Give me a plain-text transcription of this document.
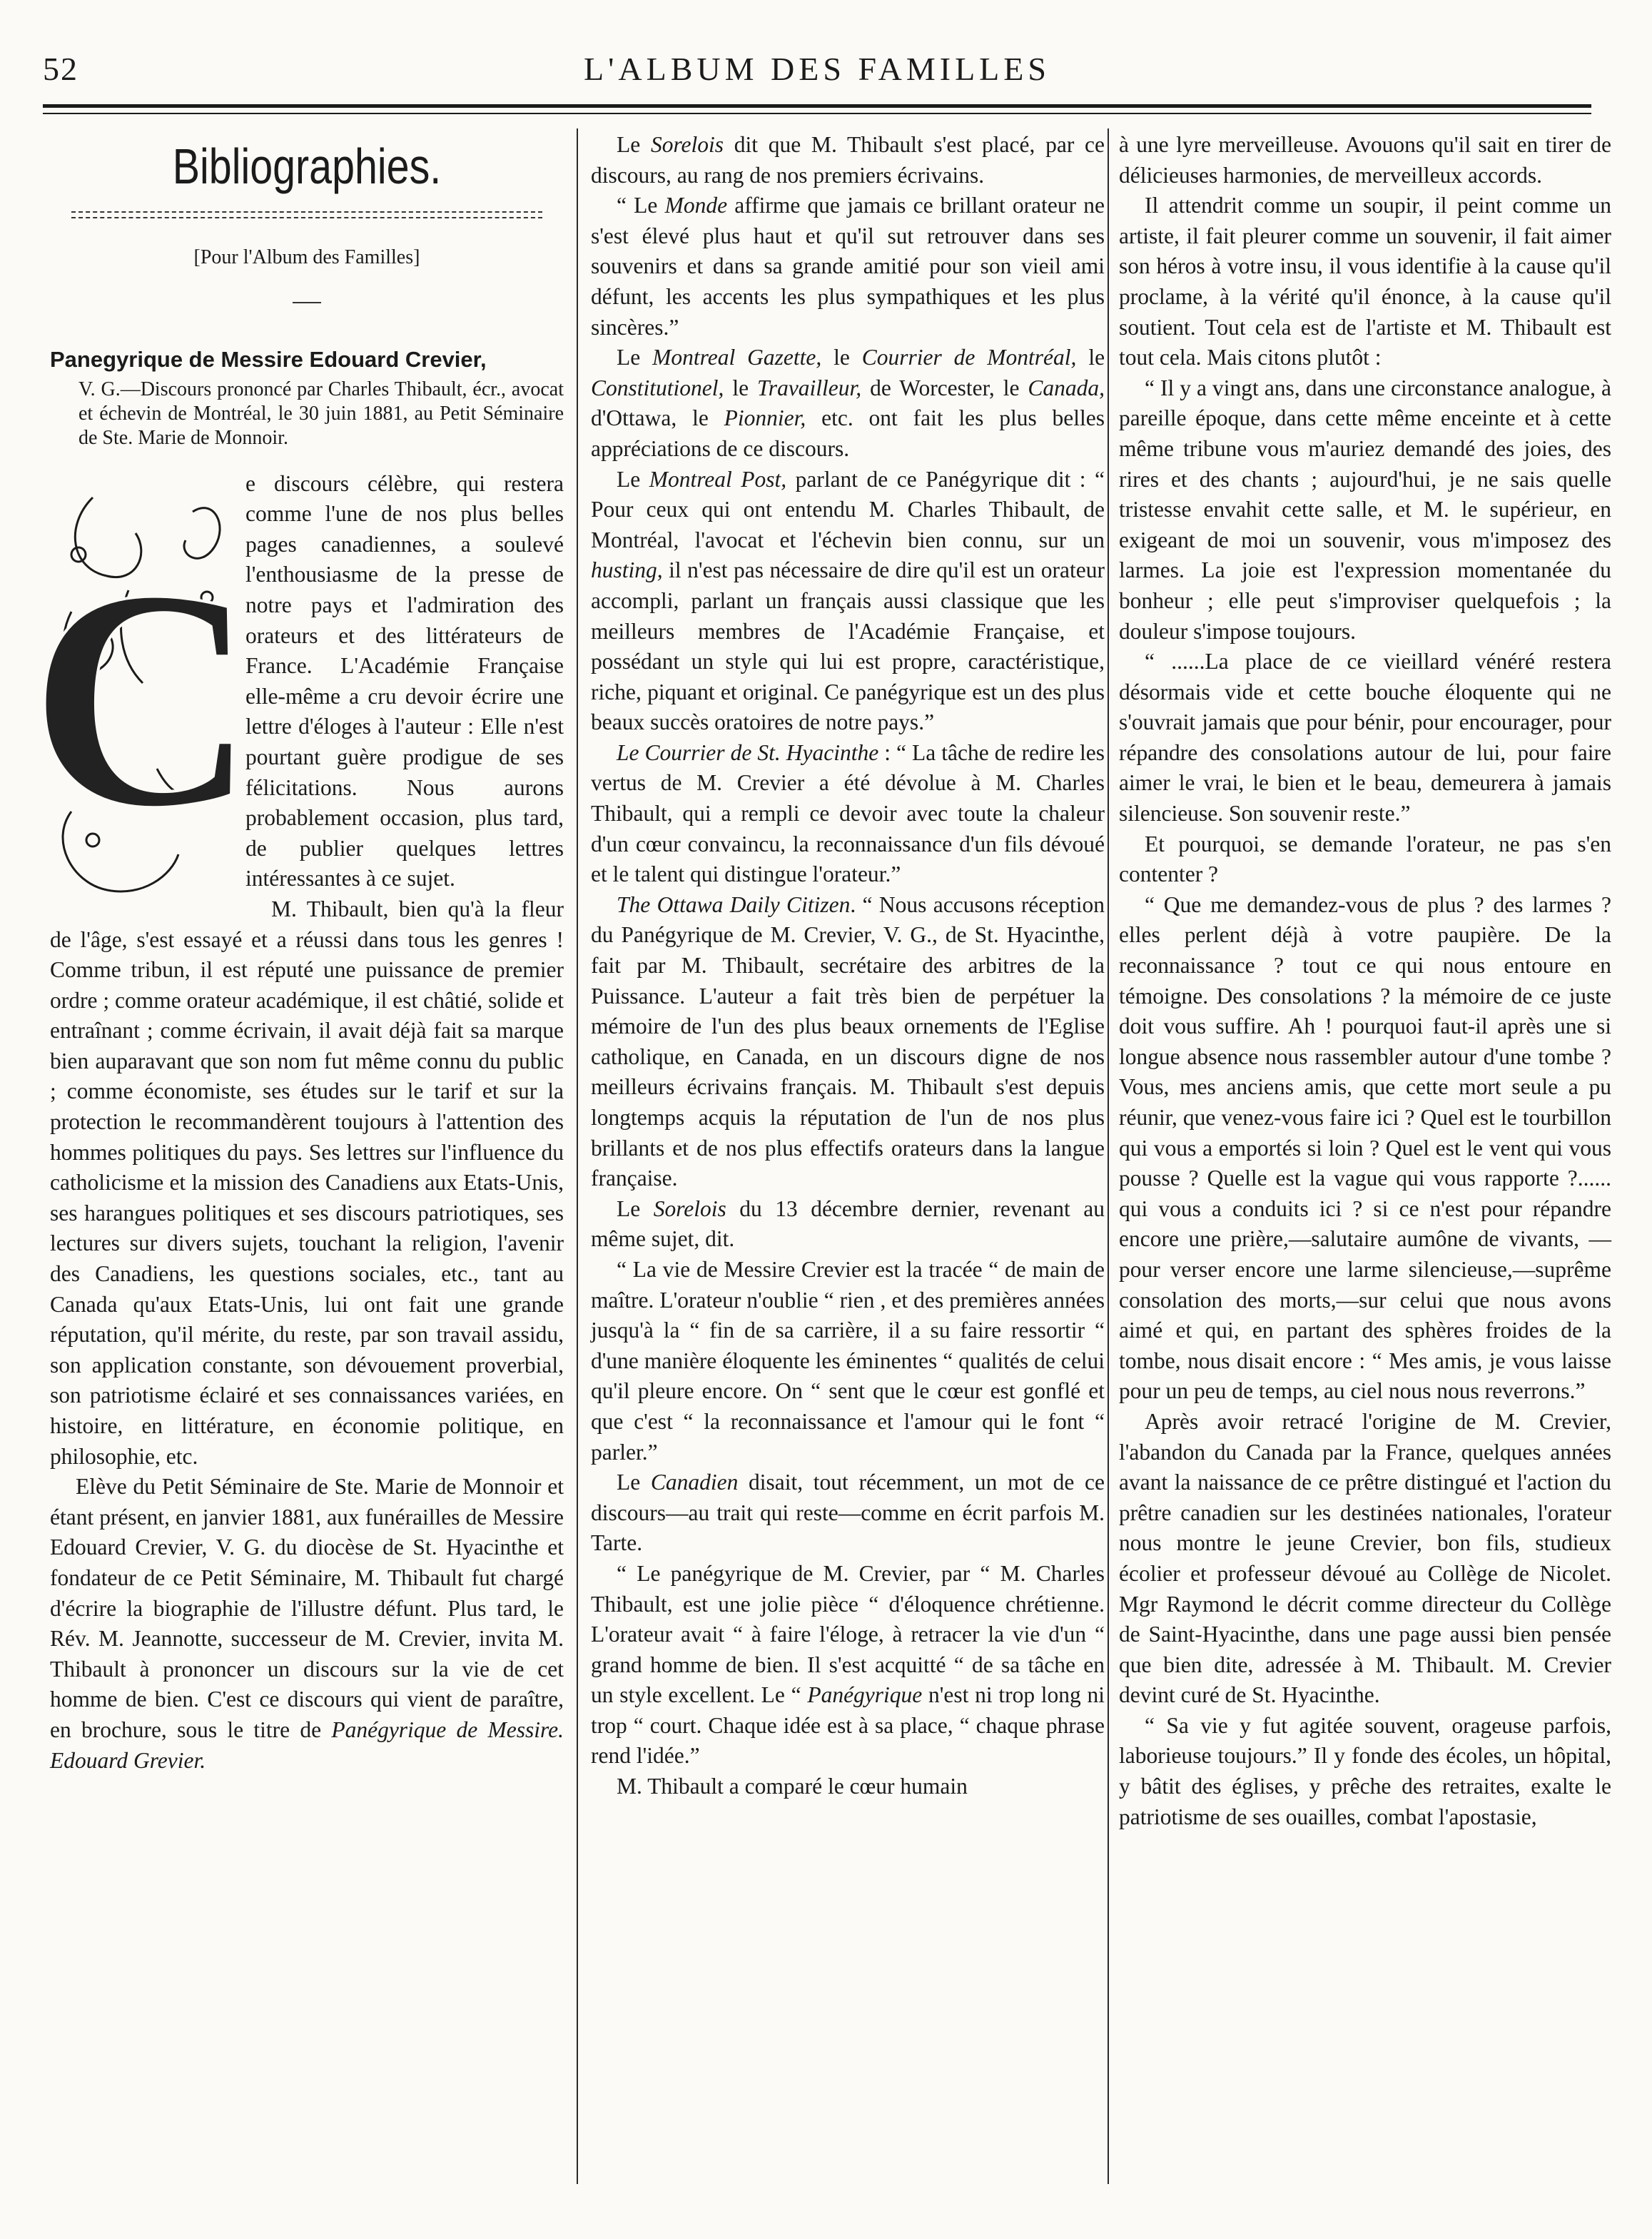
52	L'ALBUM DES FAMILLES
Bibliographies.
[Pour l'Album des Familles]
Panegyrique de Messire Edouard Crevier,
V. G.—Discours prononcé par Charles Thibault, écr., avocat et échevin de Montréal, le 30 juin 1881, au Petit Séminaire de Ste. Marie de Monnoir.
C

e discours célèbre, qui restera comme l'une de nos plus belles pages canadiennes, a soulevé l'enthousiasme de la presse de notre pays et l'admiration des orateurs et des littérateurs de France. L'Académie Française elle-même a cru devoir écrire une lettre d'éloges à l'auteur : Elle n'est pourtant guère prodigue de ses félicitations. Nous aurons probablement occasion, plus tard, de publier quelques lettres intéressantes à ce sujet.

M. Thibault, bien qu'à la fleur de l'âge, s'est essayé et a réussi dans tous les genres ! Comme tribun, il est réputé une puissance de premier ordre ; comme orateur académique, il est châtié, solide et entraînant ; comme écrivain, il avait déjà fait sa marque bien auparavant que son nom fut même connu du public ; comme économiste, ses études sur le tarif et sur la protection le recommandèrent toujours à l'attention des hommes politiques du pays. Ses lettres sur l'influence du catholicisme et la mission des Canadiens aux Etats-Unis, ses harangues politiques et ses discours patriotiques, ses lectures sur divers sujets, touchant la religion, l'avenir des Canadiens, les questions sociales, etc., tant au Canada qu'aux Etats-Unis, lui ont fait une grande réputation, qu'il mérite, du reste, par son travail assidu, son application constante, son dévouement proverbial, son patriotisme éclairé et ses connaissances variées, en histoire, en littérature, en économie politique, en philosophie, etc.

Elève du Petit Séminaire de Ste. Marie de Monnoir et étant présent, en janvier 1881, aux funérailles de Messire Edouard Crevier, V. G. du diocèse de St. Hyacinthe et fondateur de ce Petit Séminaire, M. Thibault fut chargé d'écrire la biographie de l'illustre défunt. Plus tard, le Rév. M. Jeannotte, successeur de M. Crevier, invita M. Thibault à prononcer un discours sur la vie de cet homme de bien. C'est ce discours qui vient de paraître, en brochure, sous le titre de Panégyrique de Messire. Edouard Grevier.

Le Sorelois dit que M. Thibault s'est placé, par ce discours, au rang de nos premiers écrivains.

“ Le Monde affirme que jamais ce brillant orateur ne s'est élevé plus haut et qu'il sut retrouver dans ses souvenirs et dans sa grande amitié pour son vieil ami défunt, les accents les plus sympathiques et les plus sincères.”

Le Montreal Gazette, le Courrier de Montréal, le Constitutionel, le Travailleur, de Worcester, le Canada, d'Ottawa, le Pionnier, etc. ont fait les plus belles appréciations de ce discours.

Le Montreal Post, parlant de ce Panégyrique dit : “ Pour ceux qui ont entendu M. Charles Thibault, de Montréal, l'avocat et l'échevin bien connu, sur un husting, il n'est pas nécessaire de dire qu'il est un orateur accompli, parlant un français aussi classique que les meilleurs membres de l'Académie Française, et possédant un style qui lui est propre, caractéristique, riche, piquant et original. Ce panégyrique est un des plus beaux succès oratoires de notre pays.”

Le Courrier de St. Hyacinthe : “ La tâche de redire les vertus de M. Crevier a été dévolue à M. Charles Thibault, qui a rempli ce devoir avec toute la chaleur d'un cœur convaincu, la reconnaissance d'un fils dévoué et le talent qui distingue l'orateur.”

The Ottawa Daily Citizen. “ Nous accusons réception du Panégyrique de M. Crevier, V. G., de St. Hyacinthe, fait par M. Thibault, secrétaire des arbitres de la Puissance. L'auteur a fait très bien de perpétuer la mémoire de l'un des plus beaux ornements de l'Eglise catholique, en Canada, en un discours digne de nos meilleurs écrivains français. M. Thibault s'est depuis longtemps acquis la réputation de l'un de nos plus brillants et de nos plus effectifs orateurs dans la langue française.

Le Sorelois du 13 décembre dernier, revenant au même sujet, dit.

“ La vie de Messire Crevier est la tracée “ de main de maître. L'orateur n'oublie “ rien , et des premières années jusqu'à la “ fin de sa carrière, il a su faire ressortir “ d'une manière éloquente les éminentes “ qualités de celui qu'il pleure encore. On “ sent que le cœur est gonflé et que c'est “ la reconnaissance et l'amour qui le font “ parler.”

Le Canadien disait, tout récemment, un mot de ce discours—au trait qui reste—comme en écrit parfois M. Tarte.

“ Le panégyrique de M. Crevier, par “ M. Charles Thibault, est une jolie pièce “ d'éloquence chrétienne. L'orateur avait “ à faire l'éloge, à retracer la vie d'un “ grand homme de bien. Il s'est acquitté “ de sa tâche en un style excellent. Le “ Panégyrique n'est ni trop long ni trop “ court. Chaque idée est à sa place, “ chaque phrase rend l'idée.”

M. Thibault a comparé le cœur humain

à une lyre merveilleuse. Avouons qu'il sait en tirer de délicieuses harmonies, de merveilleux accords.

Il attendrit comme un soupir, il peint comme un artiste, il fait pleurer comme un souvenir, il fait aimer son héros à votre insu, il vous identifie à la cause qu'il proclame, à la vérité qu'il énonce, à la cause qu'il soutient. Tout cela est de l'artiste et M. Thibault est tout cela. Mais citons plutôt :

“ Il y a vingt ans, dans une circonstance analogue, à pareille époque, dans cette même enceinte et à cette même tribune vous m'auriez demandé des joies, des rires et des chants ; aujourd'hui, je ne sais quelle tristesse envahit cette salle, et M. le supérieur, en exigeant de moi un souvenir, vous m'imposez des larmes. La joie est l'expression momentanée du bonheur ; elle peut s'improviser quelquefois ; la douleur s'impose toujours.

“ ......La place de ce vieillard vénéré restera désormais vide et cette bouche éloquente qui ne s'ouvrait jamais que pour bénir, pour encourager, pour répandre des consolations autour de lui, pour faire aimer le vrai, le bien et le beau, demeurera à jamais silencieuse. Son souvenir reste.”

Et pourquoi, se demande l'orateur, ne pas s'en contenter ?

“ Que me demandez-vous de plus ? des larmes ? elles perlent déjà à votre paupière. De la reconnaissance ? tout ce qui nous entoure en témoigne. Des consolations ? la mémoire de ce juste doit vous suffire. Ah ! pourquoi faut-il après une si longue absence nous rassembler autour d'une tombe ? Vous, mes anciens amis, que cette mort seule a pu réunir, que venez-vous faire ici ? Quel est le tourbillon qui vous a emportés si loin ? Quel est le vent qui vous pousse ? Quelle est la vague qui vous rapporte ?...... qui vous a conduits ici ? si ce n'est pour répandre encore une prière,—salutaire aumône de vivants, —pour verser encore une larme silencieuse,—suprême consolation des morts,—sur celui que nous avons aimé et qui, en partant des sphères froides de la tombe, nous disait encore : “ Mes amis, je vous laisse pour un peu de temps, au ciel nous nous reverrons.”

Après avoir retracé l'origine de M. Crevier, l'abandon du Canada par la France, quelques années avant la naissance de ce prêtre distingué et l'action du prêtre canadien sur les destinées nationales, l'orateur nous montre le jeune Crevier, bon fils, studieux écolier et professeur dévoué au Collège de Nicolet. Mgr Raymond le décrit comme directeur du Collège de Saint-Hyacinthe, dans une page aussi bien pensée que bien dite, adressée à M. Thibault. M. Crevier devint curé de St. Hyacinthe.

“ Sa vie y fut agitée souvent, orageuse parfois, laborieuse toujours.” Il y fonde des écoles, un hôpital, y bâtit des églises, y prêche des retraites, exalte le patriotisme de ses ouailles, combat l'apostasie,
